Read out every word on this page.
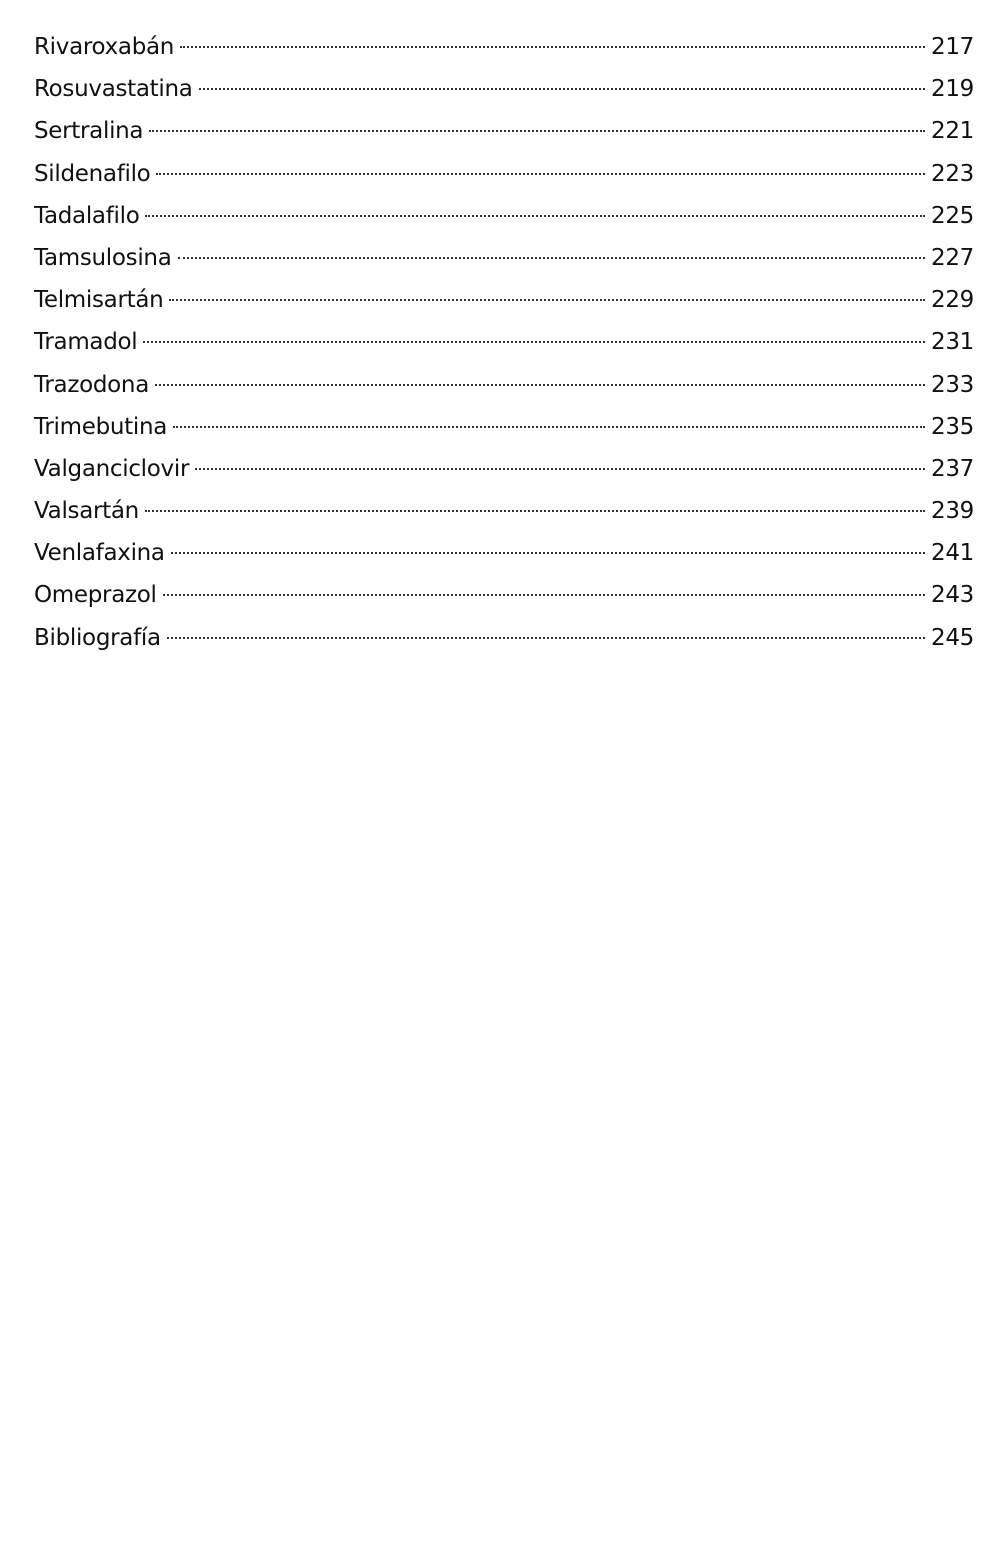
Rivaroxabán	217
Rosuvastatina	219
Sertralina	221
Sildenafilo	223
Tadalafilo	225
Tamsulosina	227
Telmisartán	229
Tramadol	231
Trazodona	233
Trimebutina	235
Valganciclovir	237
Valsartán	239
Venlafaxina	241
Omeprazol	243
Bibliografía	245
